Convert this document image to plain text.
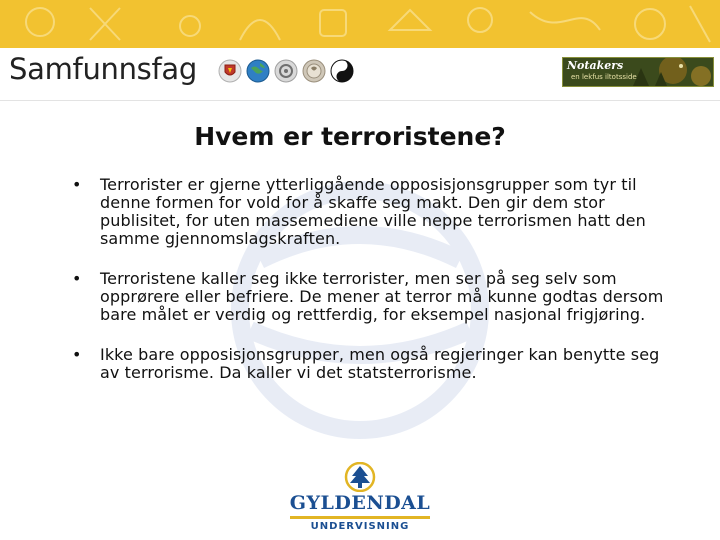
Samfunnsfag	Notakers
en lekfus iltotsside
Hvem er terroristene?
• Terrorister er gjerne ytterliggående opposisjonsgrupper som tyr til denne formen for vold for å skaffe seg makt. Den gir dem stor publisitet, for uten massemediene ville neppe terrorismen hatt den samme gjennomslagskraften.
• Terroristene kaller seg ikke terrorister, men ser på seg selv som opprørere eller befriere. De mener at terror må kunne godtas dersom bare målet er verdig og rettferdig, for eksempel nasjonal frigjøring.
• Ikke bare opposisjonsgrupper, men også regjeringer kan benytte seg av terrorisme. Da kaller vi det statsterrorisme.
GYLDENDAL
UNDERVISNING
